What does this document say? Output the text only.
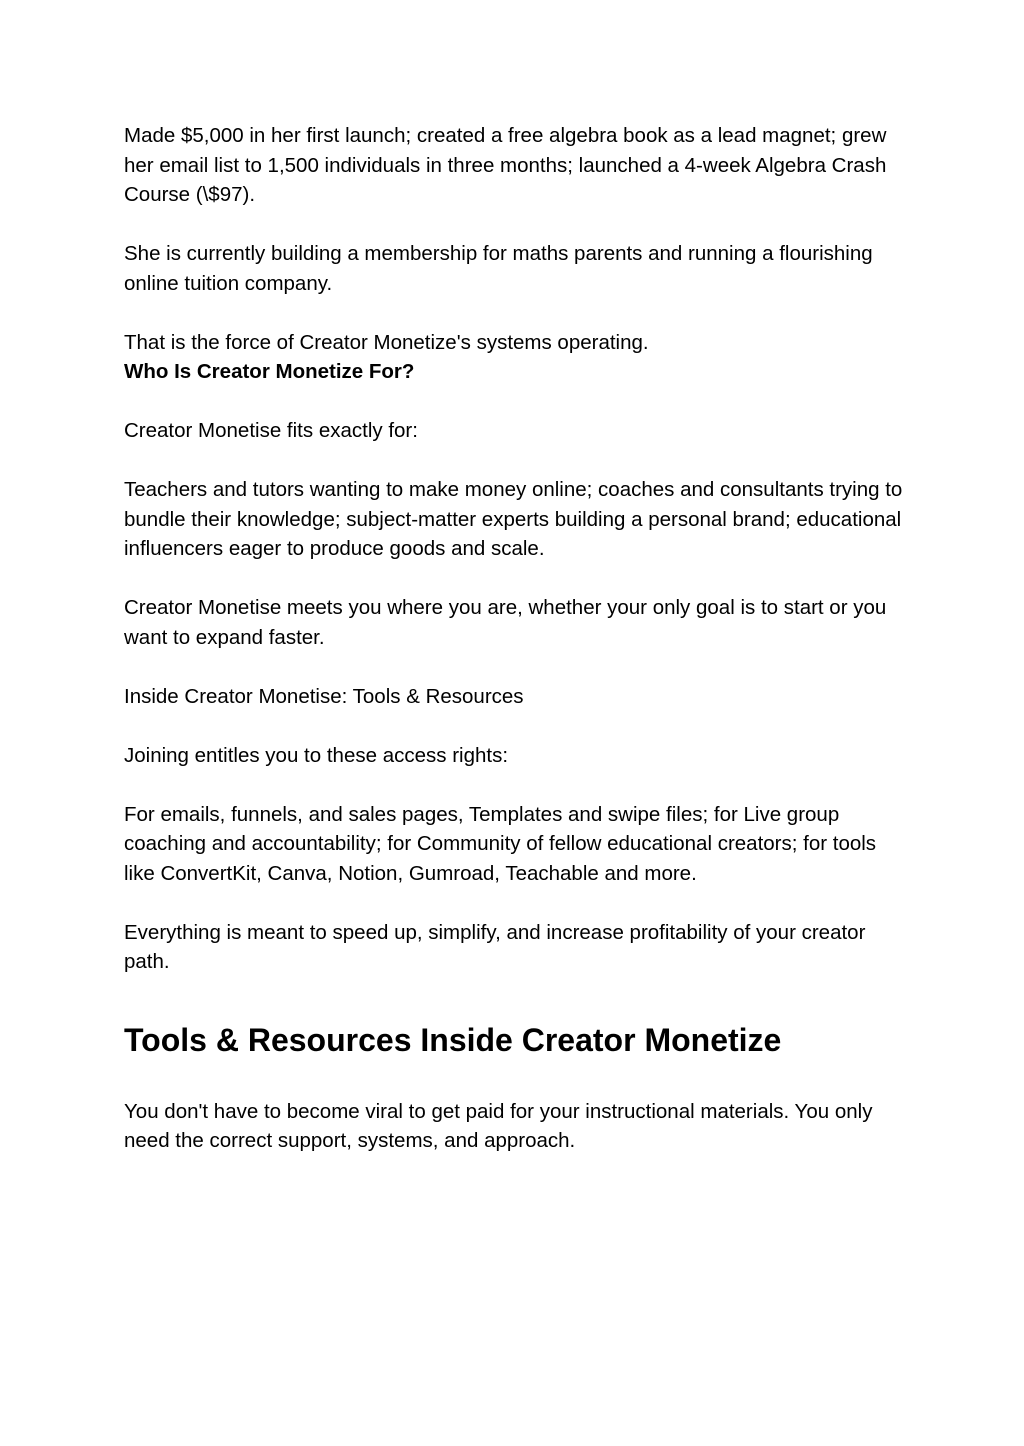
Made $5,000 in her first launch; created a free algebra book as a lead magnet; grew her email list to 1,500 individuals in three months; launched a 4-week Algebra Crash Course (\$97).

She is currently building a membership for maths parents and running a flourishing online tuition company.

That is the force of Creator Monetize's systems operating.

Who Is Creator Monetize For?

Creator Monetise fits exactly for:

Teachers and tutors wanting to make money online; coaches and consultants trying to bundle their knowledge; subject-matter experts building a personal brand; educational influencers eager to produce goods and scale.

Creator Monetise meets you where you are, whether your only goal is to start or you want to expand faster.

Inside Creator Monetise: Tools & Resources

Joining entitles you to these access rights:

For emails, funnels, and sales pages, Templates and swipe files; for Live group coaching and accountability; for Community of fellow educational creators; for tools like ConvertKit, Canva, Notion, Gumroad, Teachable and more.

Everything is meant to speed up, simplify, and increase profitability of your creator path.

Tools & Resources Inside Creator Monetize

You don't have to become viral to get paid for your instructional materials. You only need the correct support, systems, and approach.
